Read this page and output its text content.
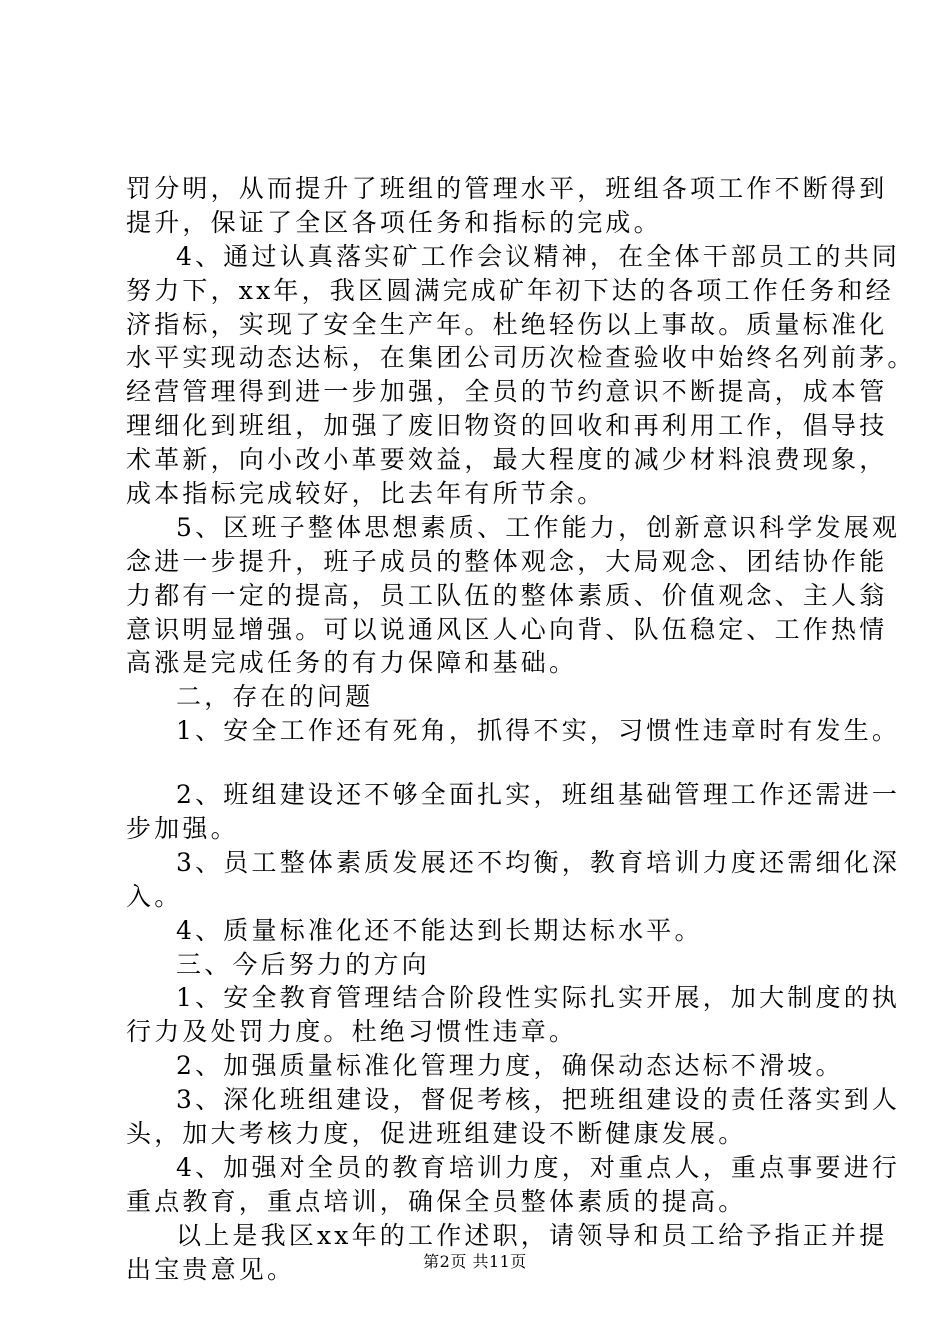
罚分明，从而提升了班组的管理水平，班组各项工作不断得到
提升，保证了全区各项任务和指标的完成。
4、通过认真落实矿工作会议精神，在全体干部员工的共同
努力下，xx年，我区圆满完成矿年初下达的各项工作任务和经
济指标，实现了安全生产年。杜绝轻伤以上事故。质量标准化
水平实现动态达标，在集团公司历次检查验收中始终名列前茅。
经营管理得到进一步加强，全员的节约意识不断提高，成本管
理细化到班组，加强了废旧物资的回收和再利用工作，倡导技
术革新，向小改小革要效益，最大程度的减少材料浪费现象，
成本指标完成较好，比去年有所节余。
5、区班子整体思想素质、工作能力，创新意识科学发展观
念进一步提升，班子成员的整体观念，大局观念、团结协作能
力都有一定的提高，员工队伍的整体素质、价值观念、主人翁
意识明显增强。可以说通风区人心向背、队伍稳定、工作热情
高涨是完成任务的有力保障和基础。
二，存在的问题
1、安全工作还有死角，抓得不实，习惯性违章时有发生。
2、班组建设还不够全面扎实，班组基础管理工作还需进一
步加强。
3、员工整体素质发展还不均衡，教育培训力度还需细化深
入。
4、质量标准化还不能达到长期达标水平。
三、今后努力的方向
1、安全教育管理结合阶段性实际扎实开展，加大制度的执
行力及处罚力度。杜绝习惯性违章。
2、加强质量标准化管理力度，确保动态达标不滑坡。
3、深化班组建设，督促考核，把班组建设的责任落实到人
头，加大考核力度，促进班组建设不断健康发展。
4、加强对全员的教育培训力度，对重点人，重点事要进行
重点教育，重点培训，确保全员整体素质的提高。
以上是我区xx年的工作述职，请领导和员工给予指正并提
出宝贵意见。	第2页 共11页
